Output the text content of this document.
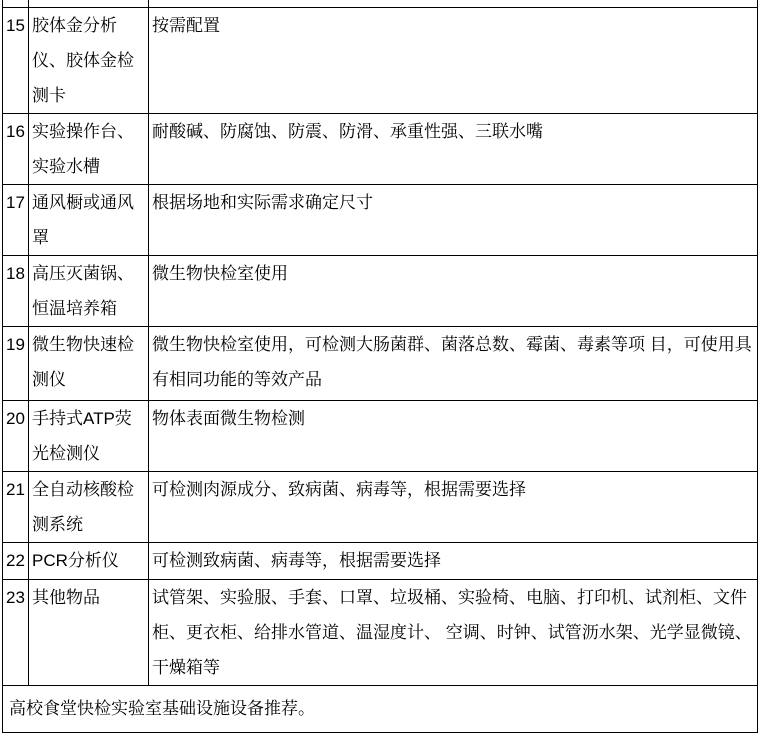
15	胶体金分析仪、胶体金检测卡	按需配置
16	实验操作台、实验水槽	耐酸碱、防腐蚀、防震、防滑、承重性强、三联水嘴
17	通风橱或通风罩	根据场地和实际需求确定尺寸
18	高压灭菌锅、恒温培养箱	微生物快检室使用
19	微生物快速检测仪	微生物快检室使用，可检测大肠菌群、菌落总数、霉菌、毒素等项 目，可使用具有相同功能的等效产品
20	手持式ATP荧光检测仪	物体表面微生物检测
21	全自动核酸检测系统	可检测肉源成分、致病菌、病毒等，根据需要选择
22	PCR分析仪	可检测致病菌、病毒等，根据需要选择
23	其他物品	试管架、实验服、手套、口罩、垃圾桶、实验椅、电脑、打印机、试剂柜、文件柜、更衣柜、给排水管道、温湿度计、 空调、时钟、试管沥水架、光学显微镜、干燥箱等
高校食堂快检实验室基础设施设备推荐。		
